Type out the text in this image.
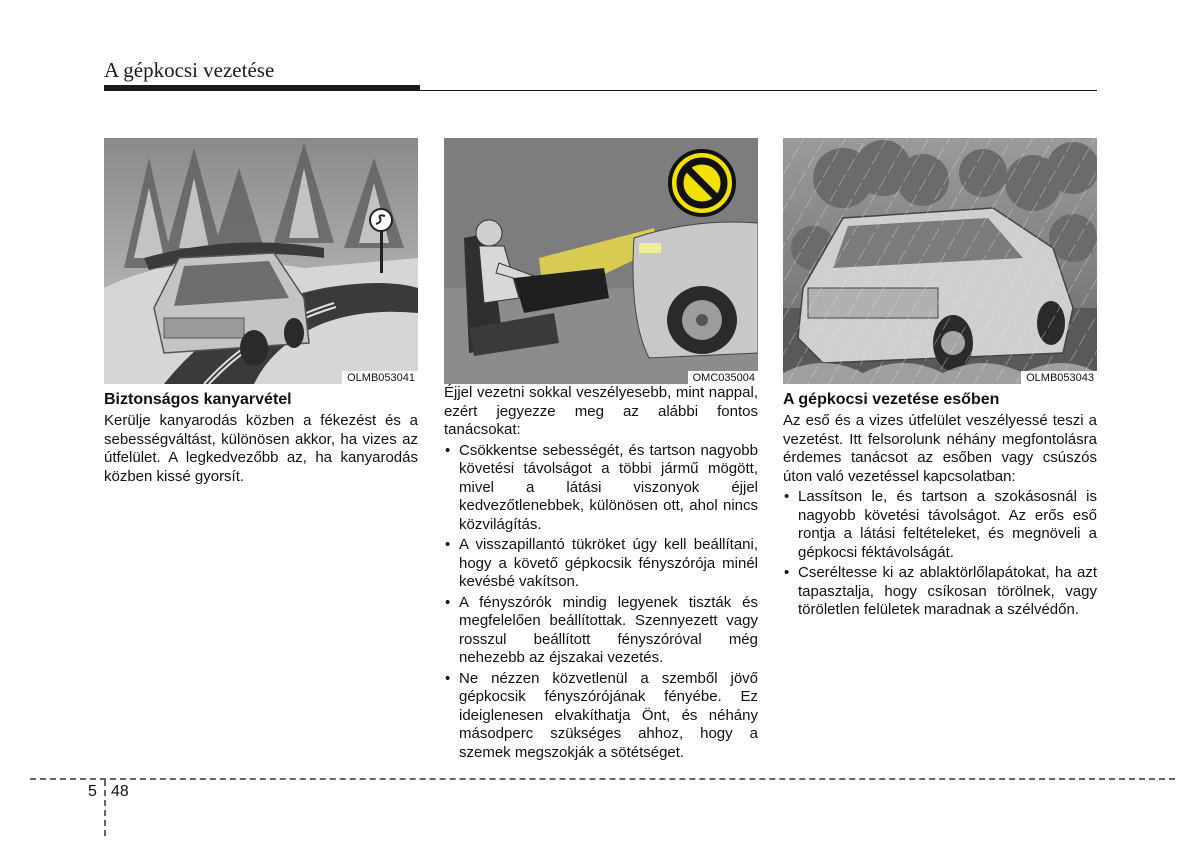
A gépkocsi vezetése
OLMB053041
Biztonságos kanyarvétel

Kerülje kanyarodás közben a fékezést és a sebességváltást, különösen akkor, ha vizes az útfelület. A legkedvezőbb az, ha kanyarodás közben kissé gyorsít.

OMC035004

Éjjel vezetni sokkal veszélyesebb, mint nappal, ezért jegyezze meg az alábbi fontos tanácsokat:

• Csökkentse sebességét, és tartson nagyobb követési távolságot a többi jármű mögött, mivel a látási viszonyok éjjel kedvezőtlenebbek, különösen ott, ahol nincs közvilágítás.
• A visszapillantó tükröket úgy kell beállítani, hogy a követő gépkocsik fényszórója minél kevésbé vakítson.
• A fényszórók mindig legyenek tiszták és megfelelően beállítottak. Szennyezett vagy rosszul beállított fényszóróval még nehezebb az éjszakai vezetés.
• Ne nézzen közvetlenül a szemből jövő gépkocsik fényszórójának fényébe. Ez ideiglenesen elvakíthatja Önt, és néhány másodperc szükséges ahhoz, hogy a szemek megszokják a sötétséget.
OLMB053043
A gépkocsi vezetése esőben

Az eső és a vizes útfelület veszélyessé teszi a vezetést. Itt felsorolunk néhány megfontolásra érdemes tanácsot az esőben vagy csúszós úton való vezetéssel kapcsolatban:

• Lassítson le, és tartson a szokásosnál is nagyobb követési távolságot. Az erős eső rontja a látási feltételeket, és megnöveli a gépkocsi féktávolságát.
• Cseréltesse ki az ablaktörlőlapátokat, ha azt tapasztalja, hogy csíkosan törölnek, vagy töröletlen felületek maradnak a szélvédőn.
5 48
